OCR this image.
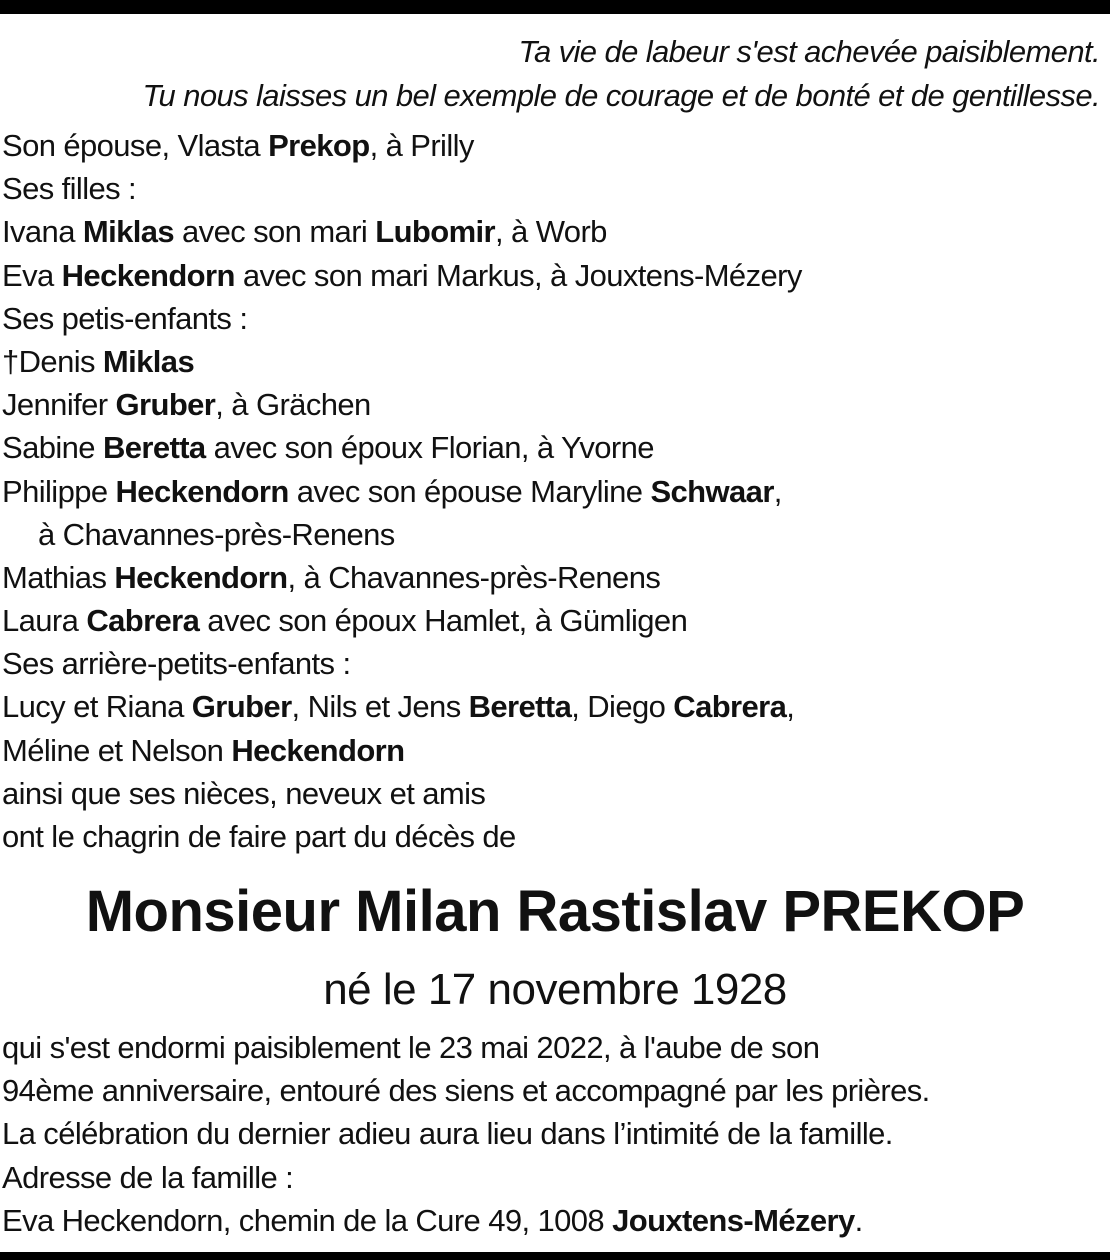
Ta vie de labeur s'est achevée paisiblement.
Tu nous laisses un bel exemple de courage et de bonté et de gentillesse.
Son épouse, Vlasta Prekop, à Prilly
Ses filles :
Ivana Miklas avec son mari Lubomir, à Worb
Eva Heckendorn avec son mari Markus, à Jouxtens-Mézery
Ses petis-enfants :
†Denis Miklas
Jennifer Gruber, à Grächen
Sabine Beretta avec son époux Florian, à Yvorne
Philippe Heckendorn avec son épouse Maryline Schwaar,
à Chavannes-près-Renens
Mathias Heckendorn, à Chavannes-près-Renens
Laura Cabrera avec son époux Hamlet, à Gümligen
Ses arrière-petits-enfants :
Lucy et Riana Gruber, Nils et Jens Beretta, Diego Cabrera,
Méline et Nelson Heckendorn
ainsi que ses nièces, neveux et amis
ont le chagrin de faire part du décès de
Monsieur Milan Rastislav PREKOP
né le 17 novembre 1928
qui s'est endormi paisiblement le 23 mai 2022, à l'aube de son
94ème anniversaire, entouré des siens et accompagné par les prières.
La célébration du dernier adieu aura lieu dans l’intimité de la famille.
Adresse de la famille :
Eva Heckendorn, chemin de la Cure 49, 1008 Jouxtens-Mézery.
